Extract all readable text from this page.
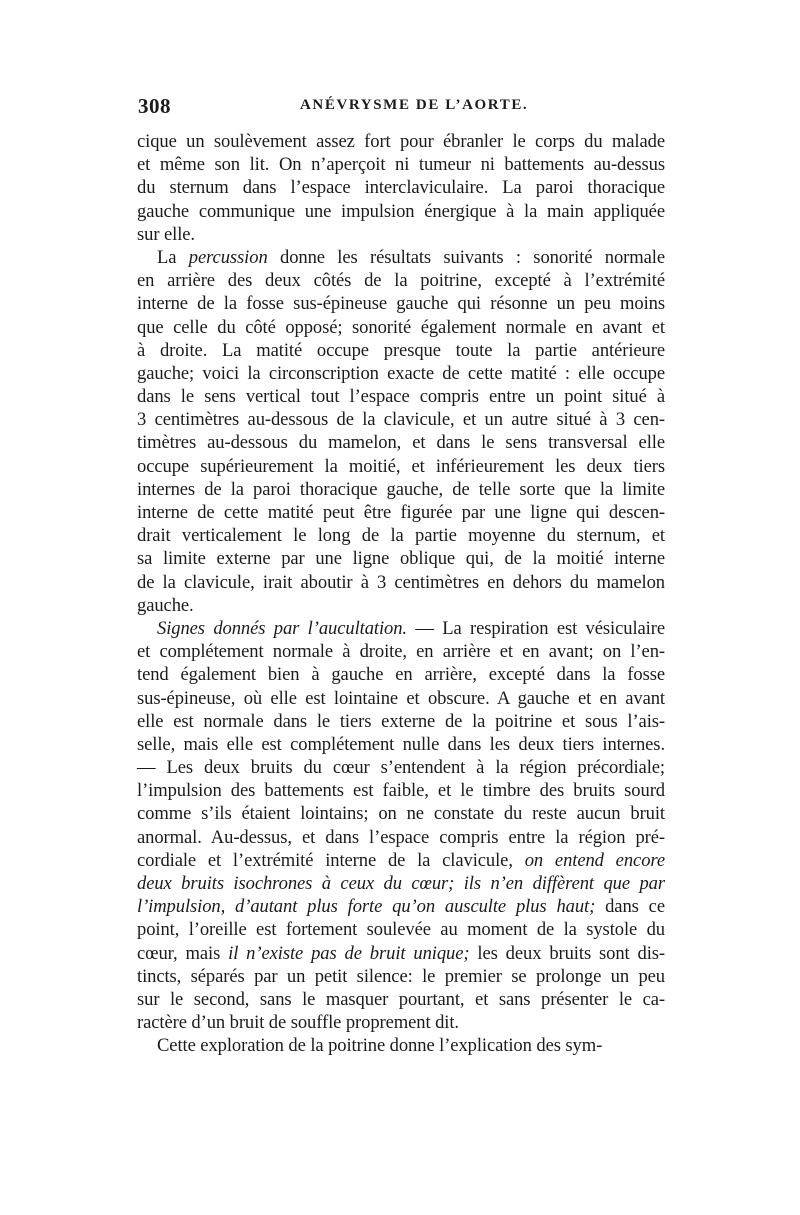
308	ANÉVRYSME DE L’AORTE.
cique un soulèvement assez fort pour ébranler le corps du malade
et même son lit. On n’aperçoit ni tumeur ni battements au-dessus
du sternum dans l’espace interclaviculaire. La paroi thoracique
gauche communique une impulsion énergique à la main appliquée
sur elle.
La percussion donne les résultats suivants : sonorité normale
en arrière des deux côtés de la poitrine, excepté à l’extrémité
interne de la fosse sus-épineuse gauche qui résonne un peu moins
que celle du côté opposé; sonorité également normale en avant et
à droite. La matité occupe presque toute la partie antérieure
gauche; voici la circonscription exacte de cette matité : elle occupe
dans le sens vertical tout l’espace compris entre un point situé à
3 centimètres au-dessous de la clavicule, et un autre situé à 3 cen-
timètres au-dessous du mamelon, et dans le sens transversal elle
occupe supérieurement la moitié, et inférieurement les deux tiers
internes de la paroi thoracique gauche, de telle sorte que la limite
interne de cette matité peut être figurée par une ligne qui descen-
drait verticalement le long de la partie moyenne du sternum, et
sa limite externe par une ligne oblique qui, de la moitié interne
de la clavicule, irait aboutir à 3 centimètres en dehors du mamelon
gauche.
Signes donnés par l’aucultation. — La respiration est vésiculaire
et complétement normale à droite, en arrière et en avant; on l’en-
tend également bien à gauche en arrière, excepté dans la fosse
sus-épineuse, où elle est lointaine et obscure. A gauche et en avant
elle est normale dans le tiers externe de la poitrine et sous l’ais-
selle, mais elle est complétement nulle dans les deux tiers internes.
— Les deux bruits du cœur s’entendent à la région précordiale;
l’impulsion des battements est faible, et le timbre des bruits sourd
comme s’ils étaient lointains; on ne constate du reste aucun bruit
anormal. Au-dessus, et dans l’espace compris entre la région pré-
cordiale et l’extrémité interne de la clavicule, on entend encore
deux bruits isochrones à ceux du cœur; ils n’en diffèrent que par
l’impulsion, d’autant plus forte qu’on ausculte plus haut; dans ce
point, l’oreille est fortement soulevée au moment de la systole du
cœur, mais il n’existe pas de bruit unique; les deux bruits sont dis-
tincts, séparés par un petit silence: le premier se prolonge un peu
sur le second, sans le masquer pourtant, et sans présenter le ca-
ractère d’un bruit de souffle proprement dit.
Cette exploration de la poitrine donne l’explication des sym-
